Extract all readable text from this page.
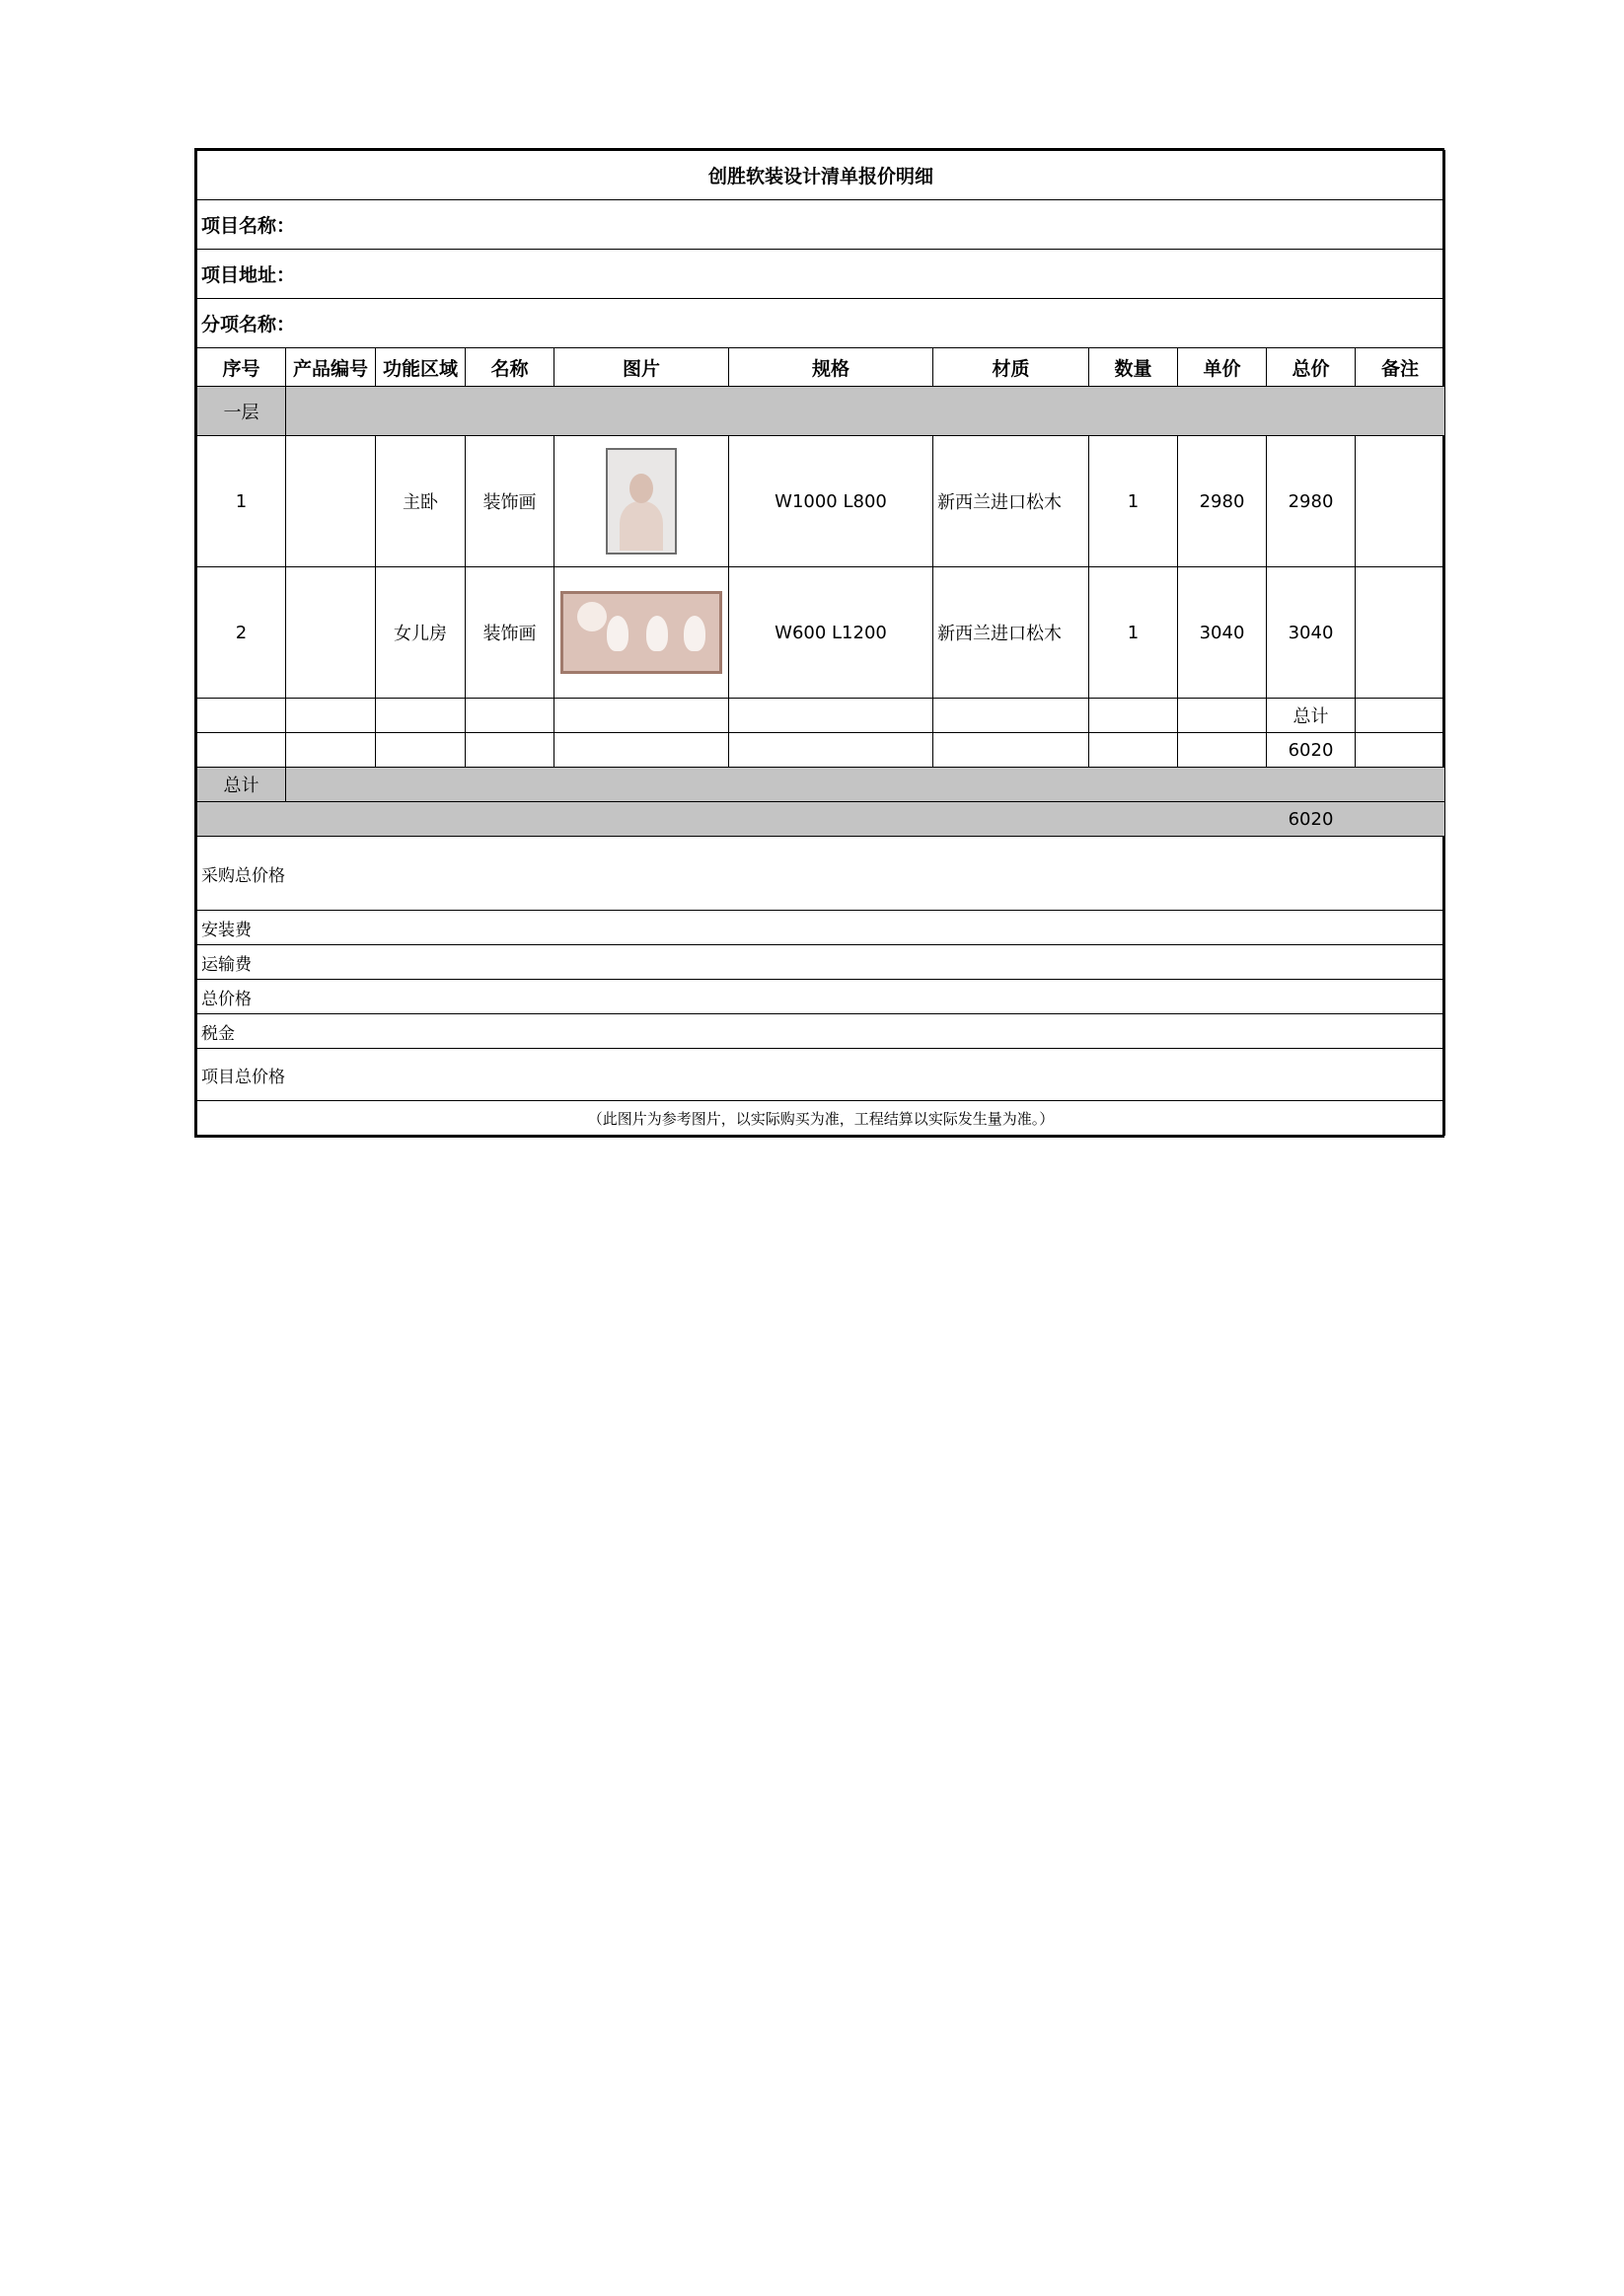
创胜软装设计清单报价明细										
项目名称：										
项目地址：										
分项名称：										
序号	产品编号	功能区域	名称	图片	规格	材质	数量	单价	总价	备注
一层										
1		主卧	装饰画		W1000 L800	新西兰进口松木	1	2980	2980	
2		女儿房	装饰画		W600 L1200	新西兰进口松木	1	3040	3040	
									总计	
									6020	
总计										
									6020	
采购总价格										
安装费										
运输费										
总价格										
税金										
项目总价格										
（此图片为参考图片，以实际购买为准，工程结算以实际发生量为准。）										
